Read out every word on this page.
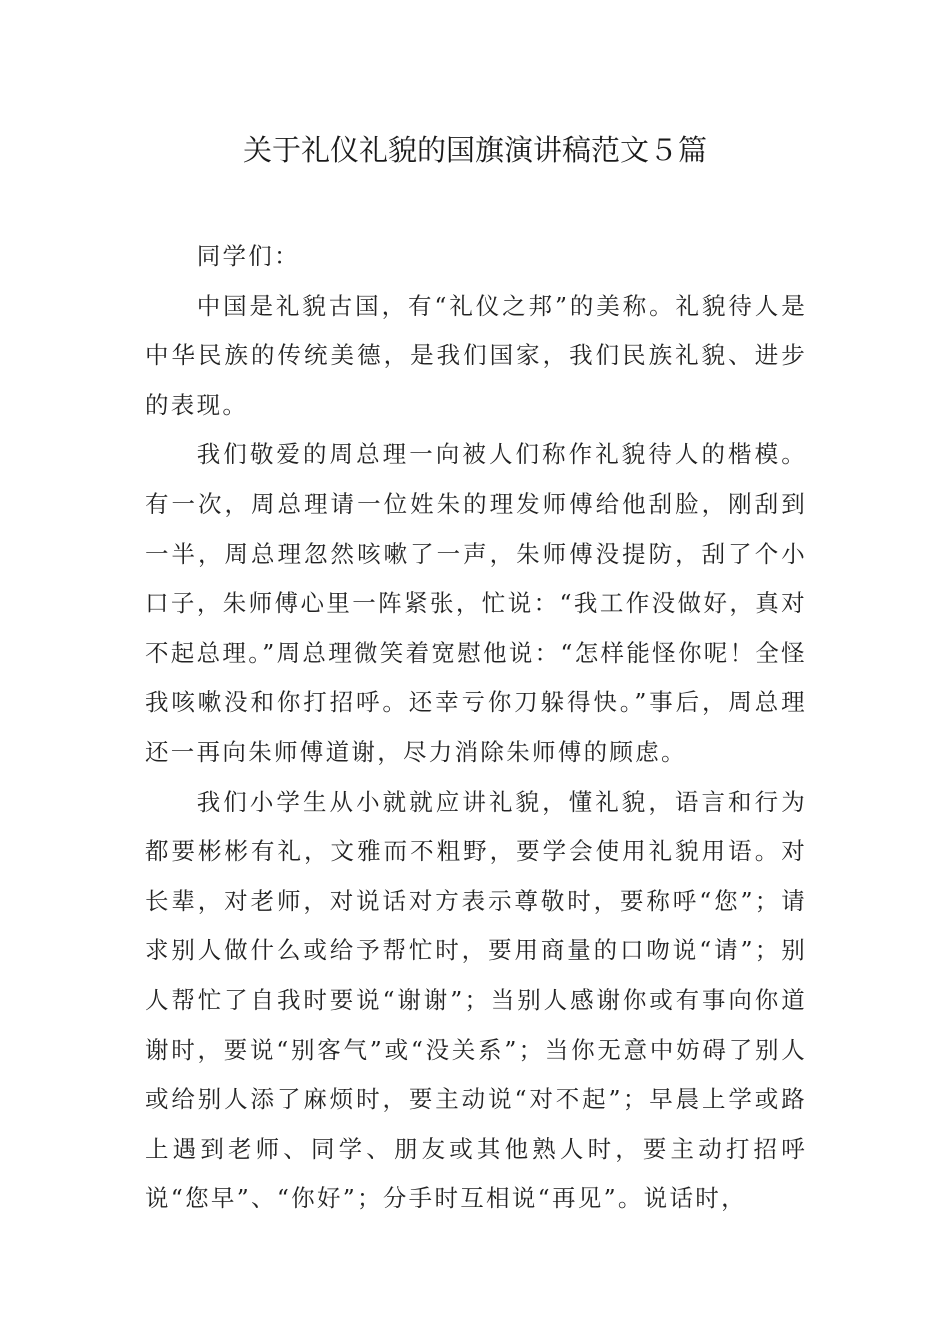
关于礼仪礼貌的国旗演讲稿范文５篇

同学们：

中国是礼貌古国，有“礼仪之邦”的美称。礼貌待人是中华民族的传统美德，是我们国家，我们民族礼貌、进步的表现。

我们敬爱的周总理一向被人们称作礼貌待人的楷模。有一次，周总理请一位姓朱的理发师傅给他刮脸，刚刮到一半，周总理忽然咳嗽了一声，朱师傅没提防，刮了个小口子，朱师傅心里一阵紧张，忙说：“我工作没做好，真对不起总理。”周总理微笑着宽慰他说：“怎样能怪你呢！全怪我咳嗽没和你打招呼。还幸亏你刀躲得快。”事后，周总理还一再向朱师傅道谢，尽力消除朱师傅的顾虑。

我们小学生从小就就应讲礼貌，懂礼貌，语言和行为都要彬彬有礼，文雅而不粗野，要学会使用礼貌用语。对长辈，对老师，对说话对方表示尊敬时，要称呼“您”；请求别人做什么或给予帮忙时，要用商量的口吻说“请”；别人帮忙了自我时要说“谢谢”；当别人感谢你或有事向你道谢时，要说“别客气”或“没关系”；当你无意中妨碍了别人或给别人添了麻烦时，要主动说“对不起”；早晨上学或路上遇到老师、同学、朋友或其他熟人时，要主动打招呼说“您早”、“你好”；分手时互相说“再见”。说话时，
